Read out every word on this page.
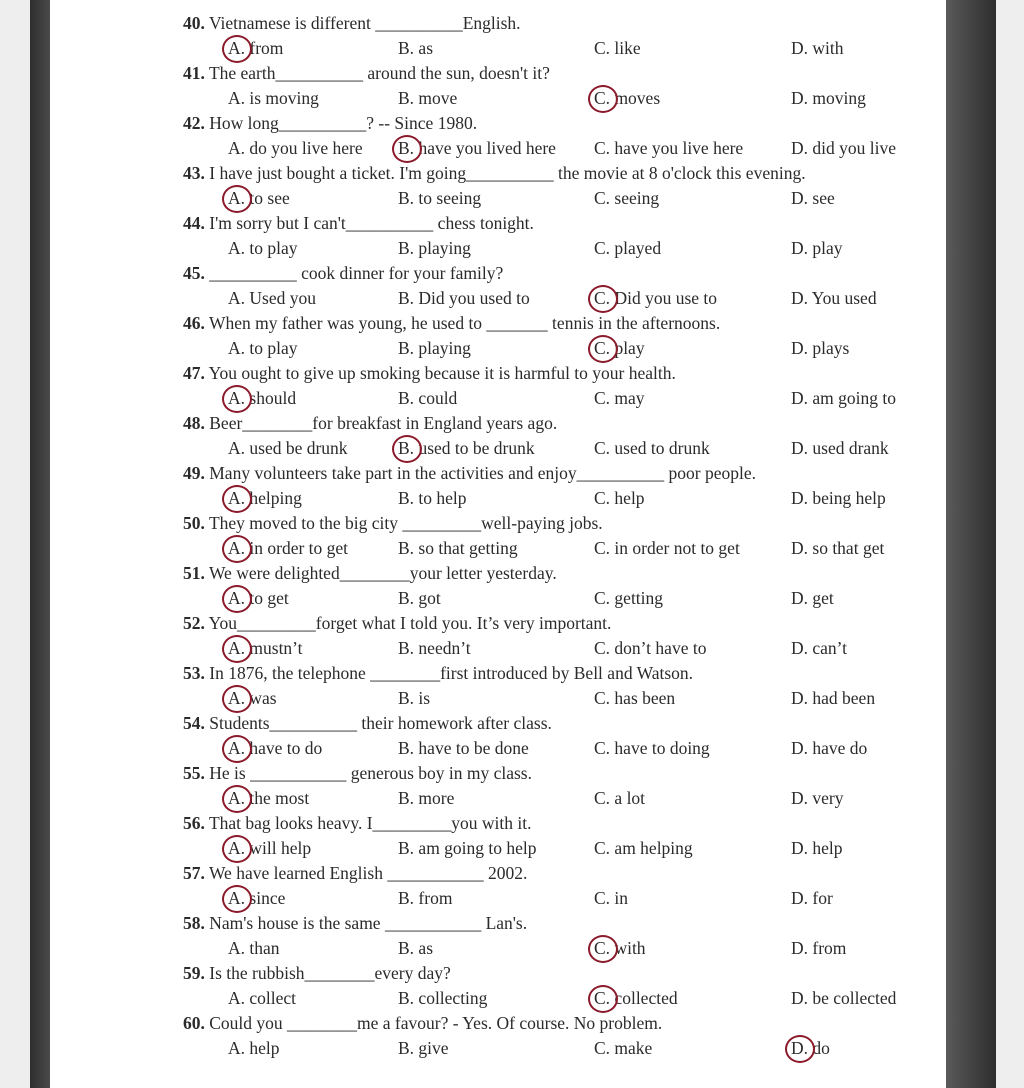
40. Vietnamese is different __________English.
A. from	B. as	C. like	D. with
41. The earth__________ around the sun, doesn't it?
A. is moving	B. move	C. moves	D. moving
42. How long__________? -- Since 1980.
A. do you live here B. have you lived here C. have you live here	D. did you live
43. I have just bought a ticket. I'm going__________ the movie at 8 o'clock this evening.
A. to see	B. to seeing	C. seeing	D. see
44. I'm sorry but I can't__________ chess tonight.
A. to play	B. playing	C. played	D. play
45. __________ cook dinner for your family?
A. Used you	B. Did you used to	C. Did you use to	D. You used
46. When my father was young, he used to _______ tennis in the afternoons.
A. to play	B. playing	C. play	D. plays
47. You ought to give up smoking because it is harmful to your health.
A. should	B. could	C. may	D. am going to
48. Beer________for breakfast in England years ago.
A. used be drunk	B. used to be drunk	C. used to drunk	D. used drank
49. Many volunteers take part in the activities and enjoy__________ poor people.
A. helping	B. to help	C. help	D. being help
50. They moved to the big city _________well-paying jobs.
A. in order to get	B. so that getting	C. in order not to get	D. so that get
51. We were delighted________your letter yesterday.
A. to get	B. got	C. getting	D. get
52. You_________forget what I told you. It’s very important.
A. mustn’t	B. needn’t	C. don’t have to	D. can’t
53. In 1876, the telephone ________first introduced by Bell and Watson.
A. was	B. is	C. has been	D. had been
54. Students__________ their homework after class.
A. have to do	B. have to be done	C. have to doing	D. have do
55. He is ___________ generous boy in my class.
A. the most	B. more	C. a lot	D. very
56. That bag looks heavy. I_________you with it.
A. will help	B. am going to help	C. am helping	D. help
57. We have learned English ___________ 2002.
A. since	B. from	C. in	D. for
58. Nam's house is the same ___________ Lan's.
A. than	B. as	C. with	D. from
59. Is the rubbish________every day?
A. collect	B. collecting	C. collected	D. be collected
60. Could you ________me a favour? - Yes. Of course. No problem.
A. help	B. give	C. make	D. do
